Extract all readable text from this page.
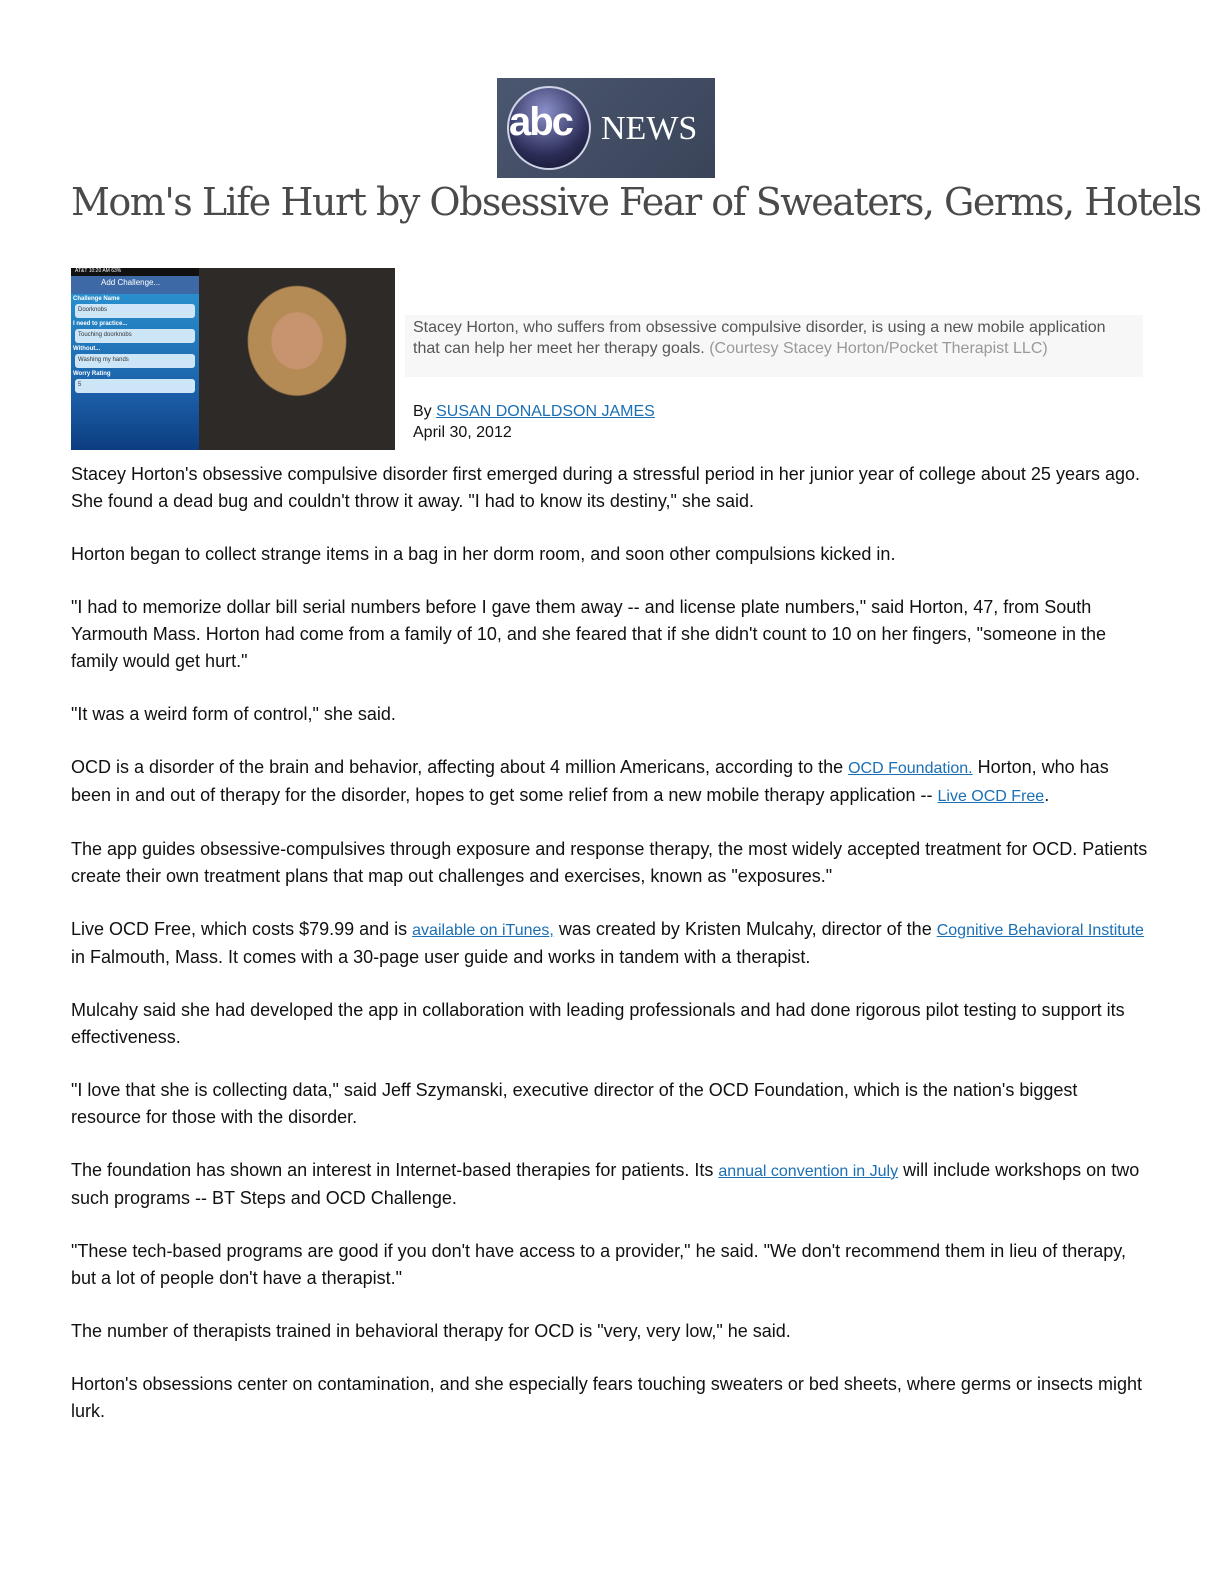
abc NEWS
Mom's Life Hurt by Obsessive Fear of Sweaters, Germs, Hotels
AT&T 10:20 AM 63%
Add Challenge...
Challenge Name
Doorknobs
I need to practice...
Touching doorknobs
Without...
Washing my hands
Worry Rating
5
Stacey Horton, who suffers from obsessive compulsive disorder, is using a new mobile application that can help her meet her therapy goals. (Courtesy Stacey Horton/Pocket Therapist LLC)
By SUSAN DONALDSON JAMES
April 30, 2012

Stacey Horton's obsessive compulsive disorder first emerged during a stressful period in her junior year of college about 25 years ago. She found a dead bug and couldn't throw it away. "I had to know its destiny," she said.

Horton began to collect strange items in a bag in her dorm room, and soon other compulsions kicked in.

"I had to memorize dollar bill serial numbers before I gave them away -- and license plate numbers," said Horton, 47, from South Yarmouth Mass. Horton had come from a family of 10, and she feared that if she didn't count to 10 on her fingers, "someone in the family would get hurt."

"It was a weird form of control," she said.

OCD is a disorder of the brain and behavior, affecting about 4 million Americans, according to the OCD Foundation. Horton, who has been in and out of therapy for the disorder, hopes to get some relief from a new mobile therapy application -- Live OCD Free.

The app guides obsessive-compulsives through exposure and response therapy, the most widely accepted treatment for OCD. Patients create their own treatment plans that map out challenges and exercises, known as "exposures."

Live OCD Free, which costs $79.99 and is available on iTunes, was created by Kristen Mulcahy, director of the Cognitive Behavioral Institute in Falmouth, Mass. It comes with a 30-page user guide and works in tandem with a therapist.

Mulcahy said she had developed the app in collaboration with leading professionals and had done rigorous pilot testing to support its effectiveness.

"I love that she is collecting data," said Jeff Szymanski, executive director of the OCD Foundation, which is the nation's biggest resource for those with the disorder.

The foundation has shown an interest in Internet-based therapies for patients. Its annual convention in July will include workshops on two such programs -- BT Steps and OCD Challenge.

"These tech-based programs are good if you don't have access to a provider," he said. "We don't recommend them in lieu of therapy, but a lot of people don't have a therapist."

The number of therapists trained in behavioral therapy for OCD is "very, very low," he said.

Horton's obsessions center on contamination, and she especially fears touching sweaters or bed sheets, where germs or insects might lurk.
